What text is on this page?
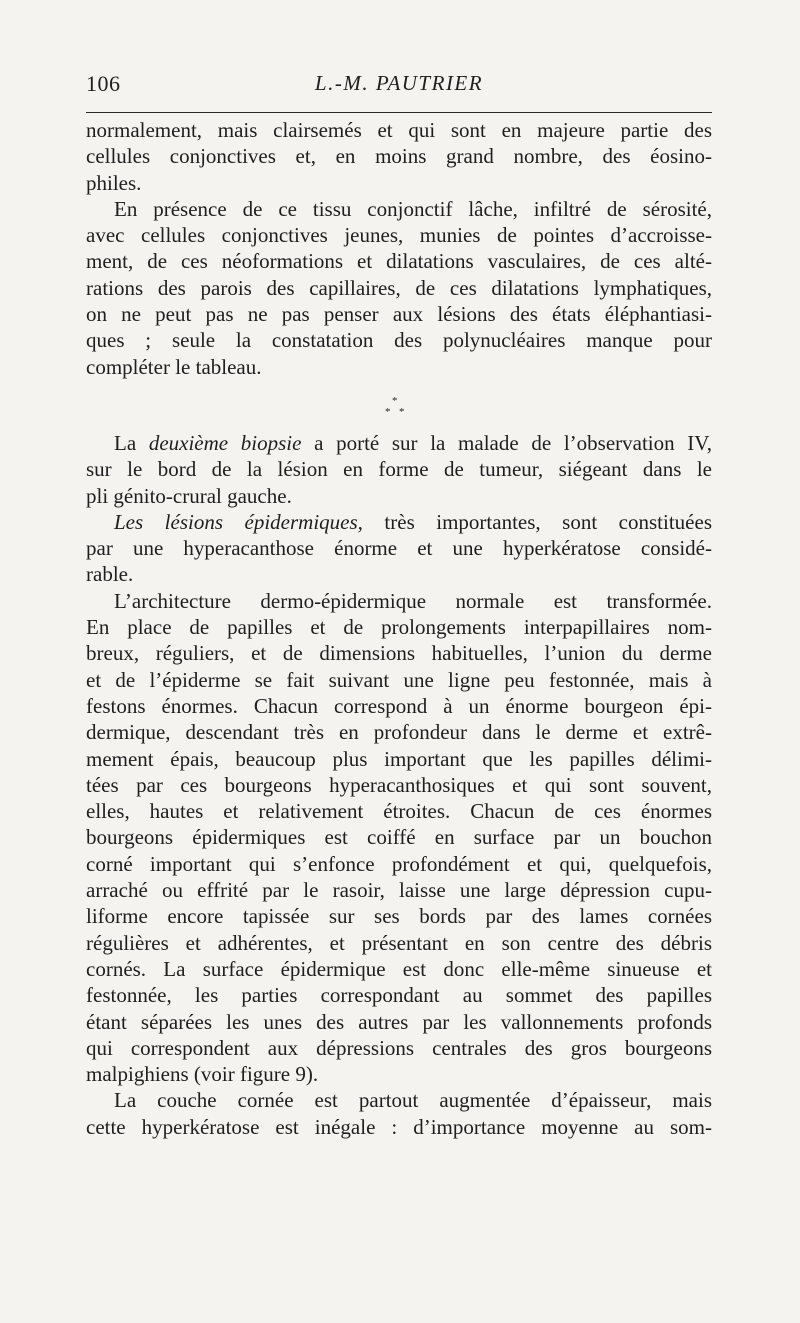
106	L.-M. PAUTRIER
normalement, mais clairsemés et qui sont en majeure partie des
cellules conjonctives et, en moins grand nombre, des éosino-
philes.
En présence de ce tissu conjonctif lâche, infiltré de sérosité,
avec cellules conjonctives jeunes, munies de pointes d’accroisse-
ment, de ces néoformations et dilatations vasculaires, de ces alté-
rations des parois des capillaires, de ces dilatations lymphatiques,
on ne peut pas ne pas penser aux lésions des états éléphantiasi-
ques ; seule la constatation des polynucléaires manque pour
compléter le tableau.
*
* *
La deuxième biopsie a porté sur la malade de l’observation IV,
sur le bord de la lésion en forme de tumeur, siégeant dans le
pli génito-crural gauche.
Les lésions épidermiques, très importantes, sont constituées
par une hyperacanthose énorme et une hyperkératose considé-
rable.
L’architecture dermo-épidermique normale est transformée.
En place de papilles et de prolongements interpapillaires nom-
breux, réguliers, et de dimensions habituelles, l’union du derme
et de l’épiderme se fait suivant une ligne peu festonnée, mais à
festons énormes. Chacun correspond à un énorme bourgeon épi-
dermique, descendant très en profondeur dans le derme et extrê-
mement épais, beaucoup plus important que les papilles délimi-
tées par ces bourgeons hyperacanthosiques et qui sont souvent,
elles, hautes et relativement étroites. Chacun de ces énormes
bourgeons épidermiques est coiffé en surface par un bouchon
corné important qui s’enfonce profondément et qui, quelquefois,
arraché ou effrité par le rasoir, laisse une large dépression cupu-
liforme encore tapissée sur ses bords par des lames cornées
régulières et adhérentes, et présentant en son centre des débris
cornés. La surface épidermique est donc elle-même sinueuse et
festonnée, les parties correspondant au sommet des papilles
étant séparées les unes des autres par les vallonnements profonds
qui correspondent aux dépressions centrales des gros bourgeons
malpighiens (voir figure 9).
La couche cornée est partout augmentée d’épaisseur, mais
cette hyperkératose est inégale : d’importance moyenne au som-
